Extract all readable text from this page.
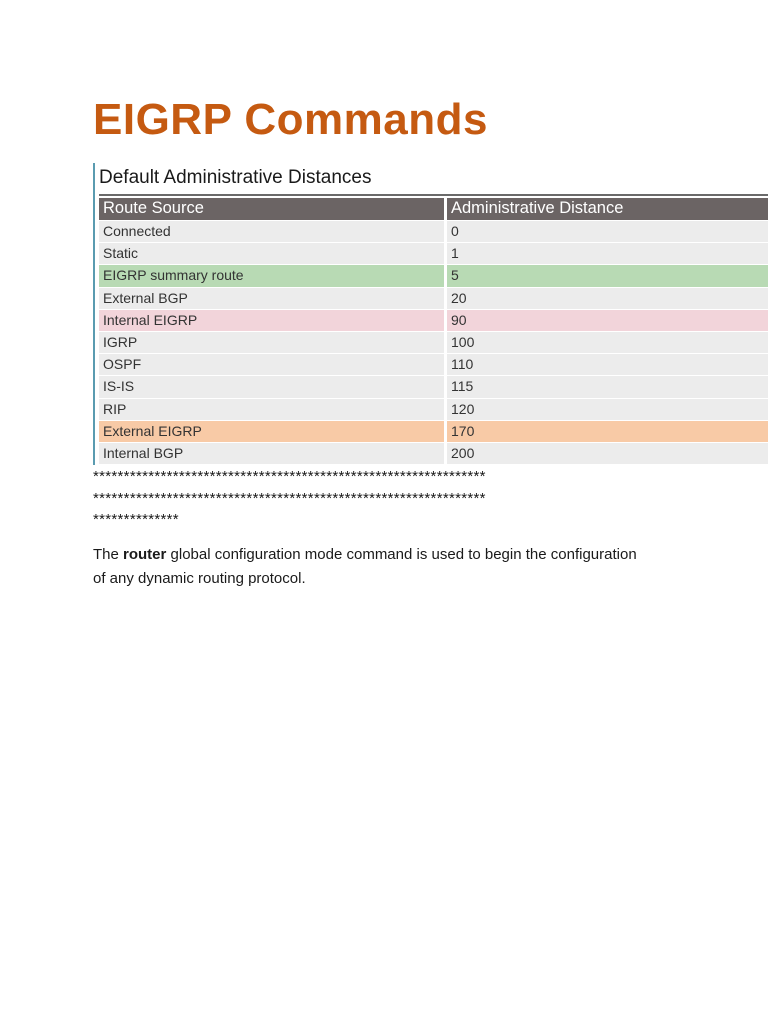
EIGRP Commands
Default Administrative Distances
Route Source	Administrative Distance
Connected	0
Static	1
EIGRP summary route	5
External BGP	20
Internal EIGRP	90
IGRP	100
OSPF	110
IS-IS	115
RIP	120
External EIGRP	170
Internal BGP	200
****************************************************************
****************************************************************
**************

The router global configuration mode command is used to begin the configuration of any dynamic routing protocol.
